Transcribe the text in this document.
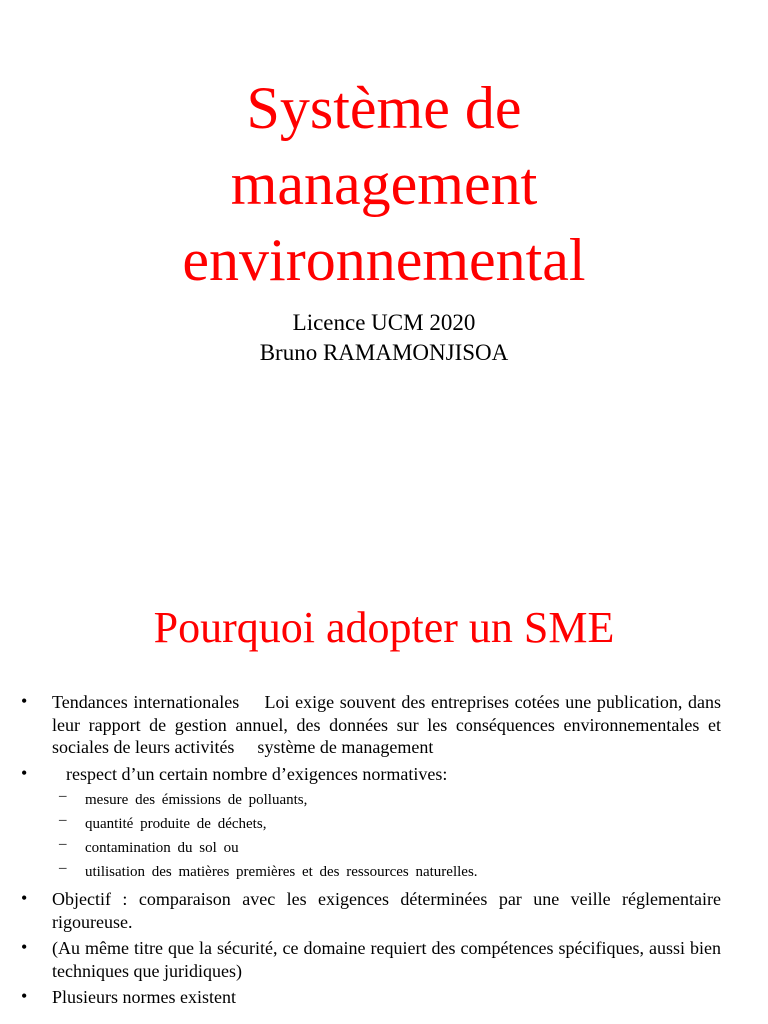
Système de
management
environnemental
Licence UCM 2020
Bruno RAMAMONJISOA
Pourquoi adopter un SME
• Tendances internationales Loi exige souvent des entreprises cotées une publication, dans leur rapport de gestion annuel, des données sur les conséquences environnementales et sociales de leurs activités système de management
• respect d’un certain nombre d’exigences normatives:
– mesure des émissions de polluants,
– quantité produite de déchets,
– contamination du sol ou
– utilisation des matières premières et des ressources naturelles.
• Objectif : comparaison avec les exigences déterminées par une veille réglementaire rigoureuse.
• (Au même titre que la sécurité, ce domaine requiert des compétences spécifiques, aussi bien techniques que juridiques)
• Plusieurs normes existent
